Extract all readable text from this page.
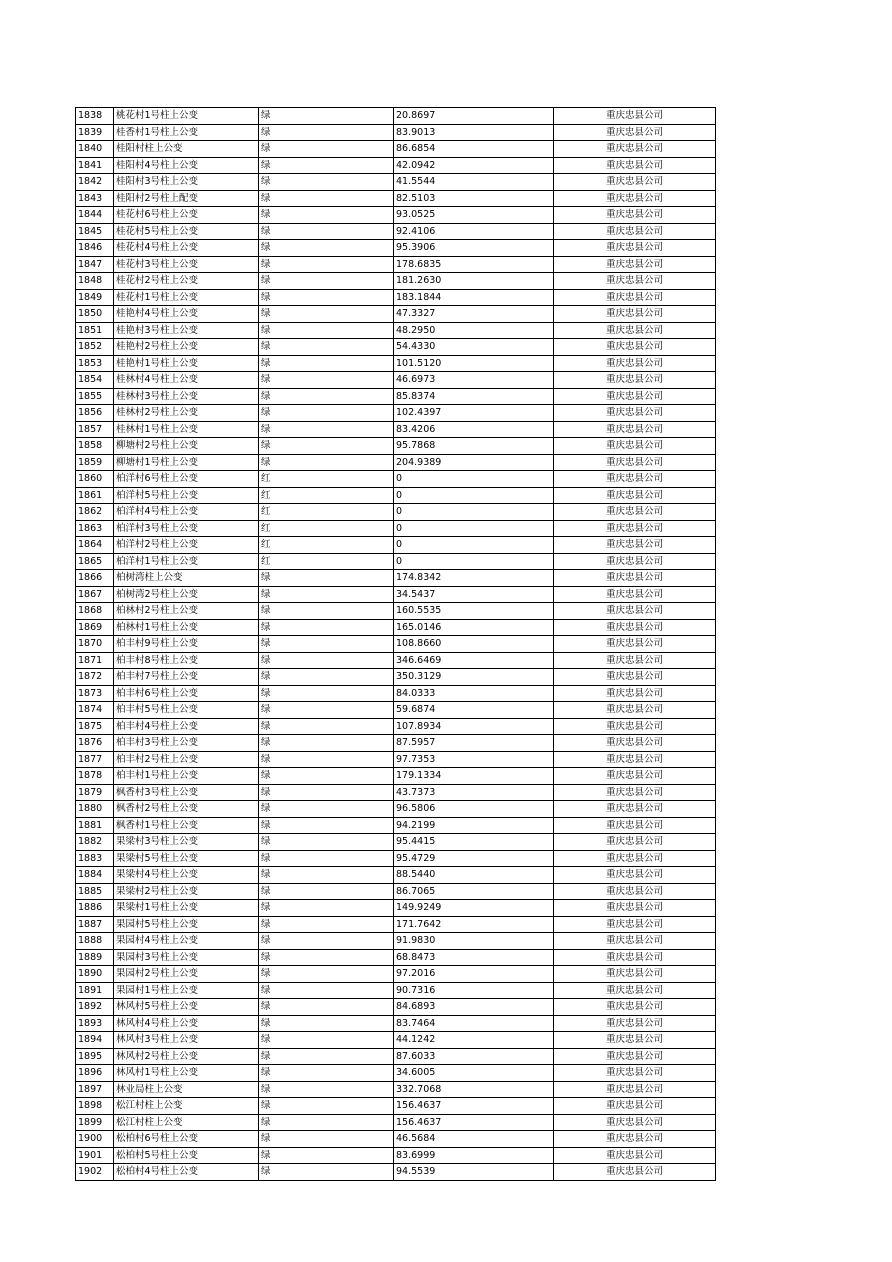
1838	桃花村1号柱上公变	绿	20.8697	重庆忠县公司
1839	桂香村1号柱上公变	绿	83.9013	重庆忠县公司
1840	桂阳村柱上公变	绿	86.6854	重庆忠县公司
1841	桂阳村4号柱上公变	绿	42.0942	重庆忠县公司
1842	桂阳村3号柱上公变	绿	41.5544	重庆忠县公司
1843	桂阳村2号柱上配变	绿	82.5103	重庆忠县公司
1844	桂花村6号柱上公变	绿	93.0525	重庆忠县公司
1845	桂花村5号柱上公变	绿	92.4106	重庆忠县公司
1846	桂花村4号柱上公变	绿	95.3906	重庆忠县公司
1847	桂花村3号柱上公变	绿	178.6835	重庆忠县公司
1848	桂花村2号柱上公变	绿	181.2630	重庆忠县公司
1849	桂花村1号柱上公变	绿	183.1844	重庆忠县公司
1850	桂艳村4号柱上公变	绿	47.3327	重庆忠县公司
1851	桂艳村3号柱上公变	绿	48.2950	重庆忠县公司
1852	桂艳村2号柱上公变	绿	54.4330	重庆忠县公司
1853	桂艳村1号柱上公变	绿	101.5120	重庆忠县公司
1854	桂林村4号柱上公变	绿	46.6973	重庆忠县公司
1855	桂林村3号柱上公变	绿	85.8374	重庆忠县公司
1856	桂林村2号柱上公变	绿	102.4397	重庆忠县公司
1857	桂林村1号柱上公变	绿	83.4206	重庆忠县公司
1858	柳塘村2号柱上公变	绿	95.7868	重庆忠县公司
1859	柳塘村1号柱上公变	绿	204.9389	重庆忠县公司
1860	柏洋村6号柱上公变	红	0	重庆忠县公司
1861	柏洋村5号柱上公变	红	0	重庆忠县公司
1862	柏洋村4号柱上公变	红	0	重庆忠县公司
1863	柏洋村3号柱上公变	红	0	重庆忠县公司
1864	柏洋村2号柱上公变	红	0	重庆忠县公司
1865	柏洋村1号柱上公变	红	0	重庆忠县公司
1866	柏树湾柱上公变	绿	174.8342	重庆忠县公司
1867	柏树湾2号柱上公变	绿	34.5437	重庆忠县公司
1868	柏林村2号柱上公变	绿	160.5535	重庆忠县公司
1869	柏林村1号柱上公变	绿	165.0146	重庆忠县公司
1870	柏丰村9号柱上公变	绿	108.8660	重庆忠县公司
1871	柏丰村8号柱上公变	绿	346.6469	重庆忠县公司
1872	柏丰村7号柱上公变	绿	350.3129	重庆忠县公司
1873	柏丰村6号柱上公变	绿	84.0333	重庆忠县公司
1874	柏丰村5号柱上公变	绿	59.6874	重庆忠县公司
1875	柏丰村4号柱上公变	绿	107.8934	重庆忠县公司
1876	柏丰村3号柱上公变	绿	87.5957	重庆忠县公司
1877	柏丰村2号柱上公变	绿	97.7353	重庆忠县公司
1878	柏丰村1号柱上公变	绿	179.1334	重庆忠县公司
1879	枫香村3号柱上公变	绿	43.7373	重庆忠县公司
1880	枫香村2号柱上公变	绿	96.5806	重庆忠县公司
1881	枫香村1号柱上公变	绿	94.2199	重庆忠县公司
1882	果梁村3号柱上公变	绿	95.4415	重庆忠县公司
1883	果梁村5号柱上公变	绿	95.4729	重庆忠县公司
1884	果梁村4号柱上公变	绿	88.5440	重庆忠县公司
1885	果梁村2号柱上公变	绿	86.7065	重庆忠县公司
1886	果梁村1号柱上公变	绿	149.9249	重庆忠县公司
1887	果园村5号柱上公变	绿	171.7642	重庆忠县公司
1888	果园村4号柱上公变	绿	91.9830	重庆忠县公司
1889	果园村3号柱上公变	绿	68.8473	重庆忠县公司
1890	果园村2号柱上公变	绿	97.2016	重庆忠县公司
1891	果园村1号柱上公变	绿	90.7316	重庆忠县公司
1892	林风村5号柱上公变	绿	84.6893	重庆忠县公司
1893	林风村4号柱上公变	绿	83.7464	重庆忠县公司
1894	林风村3号柱上公变	绿	44.1242	重庆忠县公司
1895	林风村2号柱上公变	绿	87.6033	重庆忠县公司
1896	林风村1号柱上公变	绿	34.6005	重庆忠县公司
1897	林业局柱上公变	绿	332.7068	重庆忠县公司
1898	松江村柱上公变	绿	156.4637	重庆忠县公司
1899	松江村柱上公变	绿	156.4637	重庆忠县公司
1900	松柏村6号柱上公变	绿	46.5684	重庆忠县公司
1901	松柏村5号柱上公变	绿	83.6999	重庆忠县公司
1902	松柏村4号柱上公变	绿	94.5539	重庆忠县公司
